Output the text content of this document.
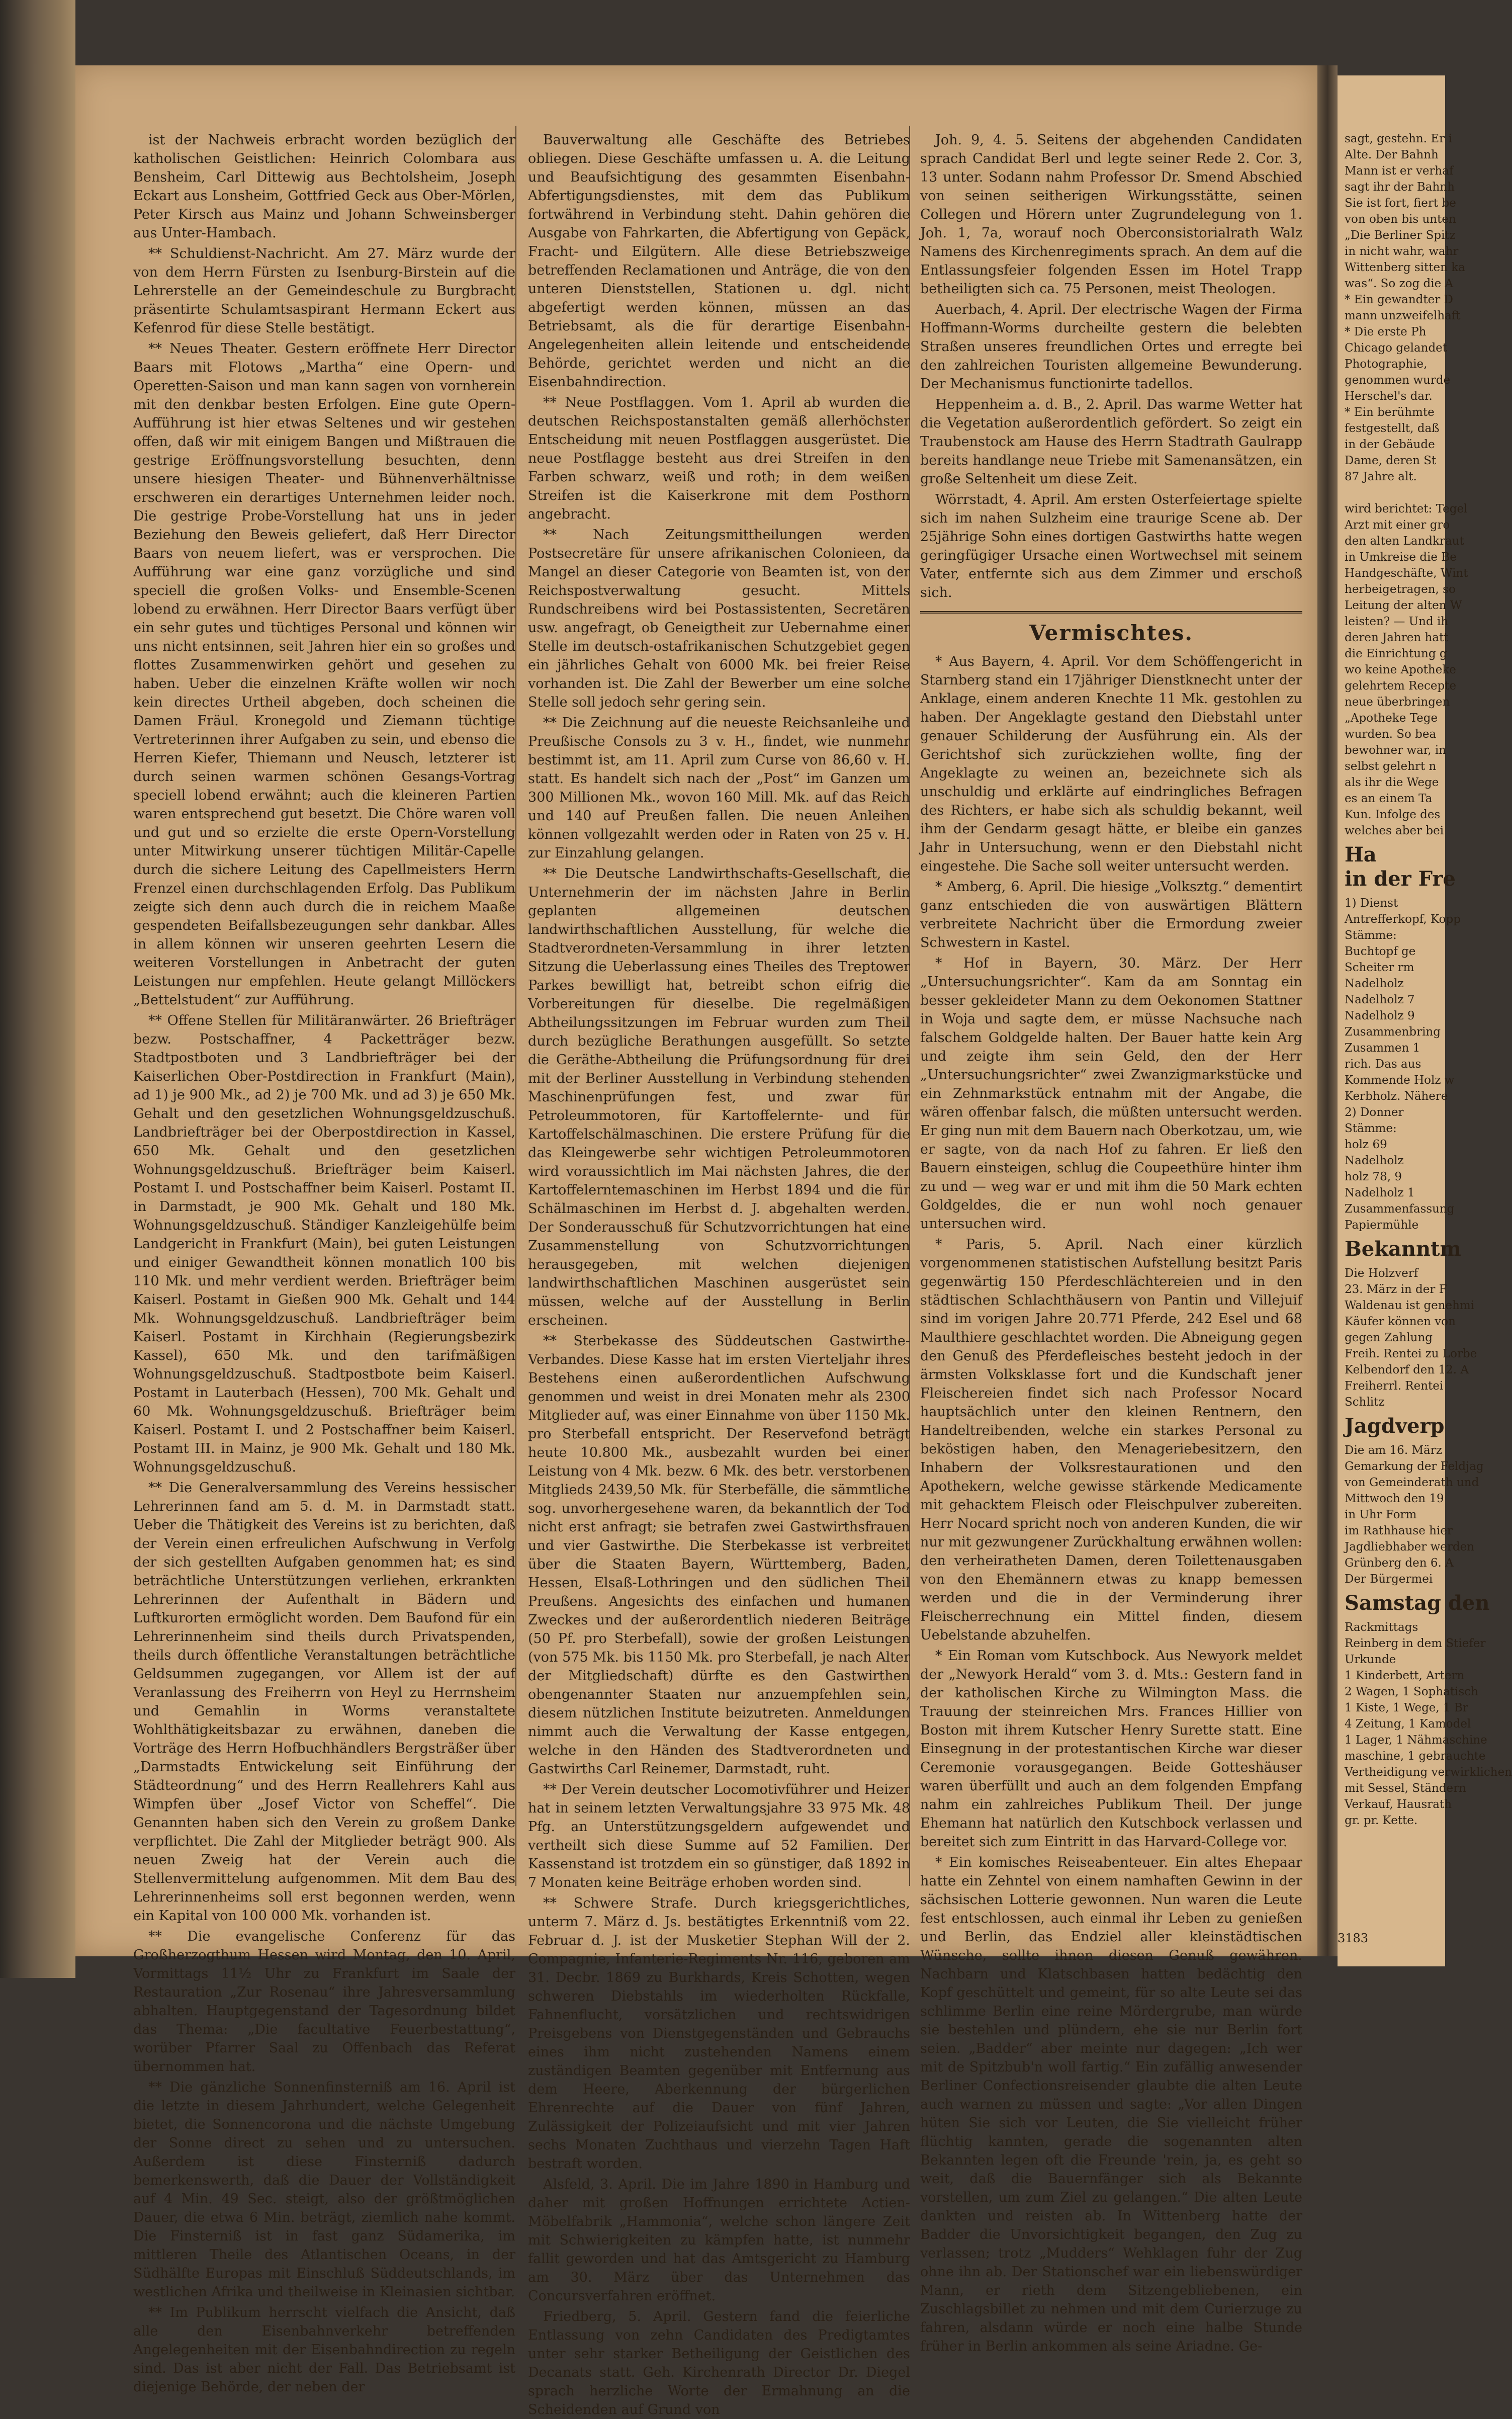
ist der Nachweis erbracht worden bezüglich der katholischen Geistlichen: Heinrich Colombara aus Bensheim, Carl Dittewig aus Bechtolsheim, Joseph Eckart aus Lonsheim, Gottfried Geck aus Ober-Mörlen, Peter Kirsch aus Mainz und Johann Schweinsberger aus Unter-Hambach.

** Schuldienst-Nachricht. Am 27. März wurde der von dem Herrn Fürsten zu Isenburg-Birstein auf die Lehrerstelle an der Gemeindeschule zu Burgbracht präsentirte Schulamtsaspirant Hermann Eckert aus Kefenrod für diese Stelle bestätigt.

** Neues Theater. Gestern eröffnete Herr Director Baars mit Flotows „Martha“ eine Opern- und Operetten-Saison und man kann sagen von vornherein mit den denkbar besten Erfolgen. Eine gute Opern-Aufführung ist hier etwas Seltenes und wir gestehen offen, daß wir mit einigem Bangen und Mißtrauen die gestrige Eröffnungsvorstellung besuchten, denn unsere hiesigen Theater- und Bühnenverhältnisse erschweren ein derartiges Unternehmen leider noch. Die gestrige Probe-Vorstellung hat uns in jeder Beziehung den Beweis geliefert, daß Herr Director Baars von neuem liefert, was er versprochen. Die Aufführung war eine ganz vorzügliche und sind speciell die großen Volks- und Ensemble-Scenen lobend zu erwähnen. Herr Director Baars verfügt über ein sehr gutes und tüchtiges Personal und können wir uns nicht entsinnen, seit Jahren hier ein so großes und flottes Zusammenwirken gehört und gesehen zu haben. Ueber die einzelnen Kräfte wollen wir noch kein directes Urtheil abgeben, doch scheinen die Damen Fräul. Kronegold und Ziemann tüchtige Vertreterinnen ihrer Aufgaben zu sein, und ebenso die Herren Kiefer, Thiemann und Neusch, letzterer ist durch seinen warmen schönen Gesangs-Vortrag speciell lobend erwähnt; auch die kleineren Partien waren entsprechend gut besetzt. Die Chöre waren voll und gut und so erzielte die erste Opern-Vorstellung unter Mitwirkung unserer tüchtigen Militär-Capelle durch die sichere Leitung des Capellmeisters Herrn Frenzel einen durchschlagenden Erfolg. Das Publikum zeigte sich denn auch durch die in reichem Maaße gespendeten Beifallsbezeugungen sehr dankbar. Alles in allem können wir unseren geehrten Lesern die weiteren Vorstellungen in Anbetracht der guten Leistungen nur empfehlen. Heute gelangt Millöckers „Bettelstudent“ zur Aufführung.

** Offene Stellen für Militäranwärter. 26 Briefträger bezw. Postschaffner, 4 Packetträger bezw. Stadtpostboten und 3 Landbriefträger bei der Kaiserlichen Ober-Postdirection in Frankfurt (Main), ad 1) je 900 Mk., ad 2) je 700 Mk. und ad 3) je 650 Mk. Gehalt und den gesetzlichen Wohnungsgeldzuschuß. Landbriefträger bei der Oberpostdirection in Kassel, 650 Mk. Gehalt und den gesetzlichen Wohnungsgeldzuschuß. Briefträger beim Kaiserl. Postamt I. und Postschaffner beim Kaiserl. Postamt II. in Darmstadt, je 900 Mk. Gehalt und 180 Mk. Wohnungsgeldzuschuß. Ständiger Kanzleigehülfe beim Landgericht in Frankfurt (Main), bei guten Leistungen und einiger Gewandtheit können monatlich 100 bis 110 Mk. und mehr verdient werden. Briefträger beim Kaiserl. Postamt in Gießen 900 Mk. Gehalt und 144 Mk. Wohnungsgeldzuschuß. Landbriefträger beim Kaiserl. Postamt in Kirchhain (Regierungsbezirk Kassel), 650 Mk. und den tarifmäßigen Wohnungsgeldzuschuß. Stadtpostbote beim Kaiserl. Postamt in Lauterbach (Hessen), 700 Mk. Gehalt und 60 Mk. Wohnungsgeldzuschuß. Briefträger beim Kaiserl. Postamt I. und 2 Postschaffner beim Kaiserl. Postamt III. in Mainz, je 900 Mk. Gehalt und 180 Mk. Wohnungsgeldzuschuß.

** Die Generalversammlung des Vereins hessischer Lehrerinnen fand am 5. d. M. in Darmstadt statt. Ueber die Thätigkeit des Vereins ist zu berichten, daß der Verein einen erfreulichen Aufschwung in Verfolg der sich gestellten Aufgaben genommen hat; es sind beträchtliche Unterstützungen verliehen, erkrankten Lehrerinnen der Aufenthalt in Bädern und Luftkurorten ermöglicht worden. Dem Baufond für ein Lehrerinnenheim sind theils durch Privatspenden, theils durch öffentliche Veranstaltungen beträchtliche Geldsummen zugegangen, vor Allem ist der auf Veranlassung des Freiherrn von Heyl zu Herrnsheim und Gemahlin in Worms veranstaltete Wohlthätigkeitsbazar zu erwähnen, daneben die Vorträge des Herrn Hofbuchhändlers Bergsträßer über „Darmstadts Entwickelung seit Einführung der Städteordnung“ und des Herrn Reallehrers Kahl aus Wimpfen über „Josef Victor von Scheffel“. Die Genannten haben sich den Verein zu großem Danke verpflichtet. Die Zahl der Mitglieder beträgt 900. Als neuen Zweig hat der Verein auch die Stellenvermittelung aufgenommen. Mit dem Bau des Lehrerinnenheims soll erst begonnen werden, wenn ein Kapital von 100 000 Mk. vorhanden ist.

** Die evangelische Conferenz für das Großherzogthum Hessen wird Montag, den 10. April, Vormittags 11½ Uhr zu Frankfurt im Saale der Restauration „Zur Rosenau“ ihre Jahresversammlung abhalten. Hauptgegenstand der Tagesordnung bildet das Thema: „Die facultative Feuerbestattung“, worüber Pfarrer Saal zu Offenbach das Referat übernommen hat.

** Die gänzliche Sonnenfinsterniß am 16. April ist die letzte in diesem Jahrhundert, welche Gelegenheit bietet, die Sonnencorona und die nächste Umgebung der Sonne direct zu sehen und zu untersuchen. Außerdem ist diese Finsterniß dadurch bemerkenswerth, daß die Dauer der Vollständigkeit auf 4 Min. 49 Sec. steigt, also der größtmöglichen Dauer, die etwa 6 Min. beträgt, ziemlich nahe kommt. Die Finsterniß ist in fast ganz Südamerika, im mittleren Theile des Atlantischen Oceans, in der Südhälfte Europas mit Einschluß Süddeutschlands, im westlichen Afrika und theilweise in Kleinasien sichtbar.

** Im Publikum herrscht vielfach die Ansicht, daß alle den Eisenbahnverkehr betreffenden Angelegenheiten mit der Eisenbahndirection zu regeln sind. Das ist aber nicht der Fall. Das Betriebsamt ist diejenige Behörde, der neben der

Bauverwaltung alle Geschäfte des Betriebes obliegen. Diese Geschäfte umfassen u. A. die Leitung und Beaufsichtigung des gesammten Eisenbahn-Abfertigungsdienstes, mit dem das Publikum fortwährend in Verbindung steht. Dahin gehören die Ausgabe von Fahrkarten, die Abfertigung von Gepäck, Fracht- und Eilgütern. Alle diese Betriebszweige betreffenden Reclamationen und Anträge, die von den unteren Dienststellen, Stationen u. dgl. nicht abgefertigt werden können, müssen an das Betriebsamt, als die für derartige Eisenbahn-Angelegenheiten allein leitende und entscheidende Behörde, gerichtet werden und nicht an die Eisenbahndirection.

** Neue Postflaggen. Vom 1. April ab wurden die deutschen Reichspostanstalten gemäß allerhöchster Entscheidung mit neuen Postflaggen ausgerüstet. Die neue Postflagge besteht aus drei Streifen in den Farben schwarz, weiß und roth; in dem weißen Streifen ist die Kaiserkrone mit dem Posthorn angebracht.

** Nach Zeitungsmittheilungen werden Postsecretäre für unsere afrikanischen Colonieen, da Mangel an dieser Categorie von Beamten ist, von der Reichspostverwaltung gesucht. Mittels Rundschreibens wird bei Postassistenten, Secretären usw. angefragt, ob Geneigtheit zur Uebernahme einer Stelle im deutsch-ostafrikanischen Schutzgebiet gegen ein jährliches Gehalt von 6000 Mk. bei freier Reise vorhanden ist. Die Zahl der Bewerber um eine solche Stelle soll jedoch sehr gering sein.

** Die Zeichnung auf die neueste Reichsanleihe und Preußische Consols zu 3 v. H., findet, wie nunmehr bestimmt ist, am 11. April zum Curse von 86,60 v. H. statt. Es handelt sich nach der „Post“ im Ganzen um 300 Millionen Mk., wovon 160 Mill. Mk. auf das Reich und 140 auf Preußen fallen. Die neuen Anleihen können vollgezahlt werden oder in Raten von 25 v. H. zur Einzahlung gelangen.

** Die Deutsche Landwirthschafts-Gesellschaft, die Unternehmerin der im nächsten Jahre in Berlin geplanten allgemeinen deutschen landwirthschaftlichen Ausstellung, für welche die Stadtverordneten-Versammlung in ihrer letzten Sitzung die Ueberlassung eines Theiles des Treptower Parkes bewilligt hat, betreibt schon eifrig die Vorbereitungen für dieselbe. Die regelmäßigen Abtheilungssitzungen im Februar wurden zum Theil durch bezügliche Berathungen ausgefüllt. So setzte die Geräthe-Abtheilung die Prüfungsordnung für drei mit der Berliner Ausstellung in Verbindung stehenden Maschinenprüfungen fest, und zwar für Petroleummotoren, für Kartoffelernte- und für Kartoffelschälmaschinen. Die erstere Prüfung für die das Kleingewerbe sehr wichtigen Petroleummotoren wird voraussichtlich im Mai nächsten Jahres, die der Kartoffelerntemaschinen im Herbst 1894 und die für Schälmaschinen im Herbst d. J. abgehalten werden. Der Sonderausschuß für Schutzvorrichtungen hat eine Zusammenstellung von Schutzvorrichtungen herausgegeben, mit welchen diejenigen landwirthschaftlichen Maschinen ausgerüstet sein müssen, welche auf der Ausstellung in Berlin erscheinen.

** Sterbekasse des Süddeutschen Gastwirthe-Verbandes. Diese Kasse hat im ersten Vierteljahr ihres Bestehens einen außerordentlichen Aufschwung genommen und weist in drei Monaten mehr als 2300 Mitglieder auf, was einer Einnahme von über 1150 Mk. pro Sterbefall entspricht. Der Reservefond beträgt heute 10.800 Mk., ausbezahlt wurden bei einer Leistung von 4 Mk. bezw. 6 Mk. des betr. verstorbenen Mitglieds 2439,50 Mk. für Sterbefälle, die sämmtliche sog. unvorhergesehene waren, da bekanntlich der Tod nicht erst anfragt; sie betrafen zwei Gastwirthsfrauen und vier Gastwirthe. Die Sterbekasse ist verbreitet über die Staaten Bayern, Württemberg, Baden, Hessen, Elsaß-Lothringen und den südlichen Theil Preußens. Angesichts des einfachen und humanen Zweckes und der außerordentlich niederen Beiträge (50 Pf. pro Sterbefall), sowie der großen Leistungen (von 575 Mk. bis 1150 Mk. pro Sterbefall, je nach Alter der Mitgliedschaft) dürfte es den Gastwirthen obengenannter Staaten nur anzuempfehlen sein, diesem nützlichen Institute beizutreten. Anmeldungen nimmt auch die Verwaltung der Kasse entgegen, welche in den Händen des Stadtverordneten und Gastwirths Carl Reinemer, Darmstadt, ruht.

** Der Verein deutscher Locomotivführer und Heizer hat in seinem letzten Verwaltungsjahre 33 975 Mk. 48 Pfg. an Unterstützungsgeldern aufgewendet und vertheilt sich diese Summe auf 52 Familien. Der Kassenstand ist trotzdem ein so günstiger, daß 1892 in 7 Monaten keine Beiträge erhoben worden sind.

** Schwere Strafe. Durch kriegsgerichtliches, unterm 7. März d. Js. bestätigtes Erkenntniß vom 22. Februar d. J. ist der Musketier Stephan Will der 2. Compagnie, Infanterie-Regiments Nr. 116, geboren am 31. Decbr. 1869 zu Burkhards, Kreis Schotten, wegen schweren Diebstahls im wiederholten Rückfalle, Fahnenflucht, vorsätzlichen und rechtswidrigen Preisgebens von Dienstgegenständen und Gebrauchs eines ihm nicht zustehenden Namens einem zuständigen Beamten gegenüber mit Entfernung aus dem Heere, Aberkennung der bürgerlichen Ehrenrechte auf die Dauer von fünf Jahren, Zulässigkeit der Polizeiaufsicht und mit vier Jahren sechs Monaten Zuchthaus und vierzehn Tagen Haft bestraft worden.

Alsfeld, 3. April. Die im Jahre 1890 in Hamburg und daher mit großen Hoffnungen errichtete Actien-Möbelfabrik „Hammonia“, welche schon längere Zeit mit Schwierigkeiten zu kämpfen hatte, ist nunmehr fallit geworden und hat das Amtsgericht zu Hamburg am 30. März über das Unternehmen das Concursverfahren eröffnet.

Friedberg, 5. April. Gestern fand die feierliche Entlassung von zehn Candidaten des Predigtamtes unter sehr starker Betheiligung der Geistlichen des Decanats statt. Geh. Kirchenrath Director Dr. Diegel sprach herzliche Worte der Ermahnung an die Scheidenden auf Grund von

Joh. 9, 4. 5. Seitens der abgehenden Candidaten sprach Candidat Berl und legte seiner Rede 2. Cor. 3, 13 unter. Sodann nahm Professor Dr. Smend Abschied von seinen seitherigen Wirkungsstätte, seinen Collegen und Hörern unter Zugrundelegung von 1. Joh. 1, 7a, worauf noch Oberconsistorialrath Walz Namens des Kirchenregiments sprach. An dem auf die Entlassungsfeier folgenden Essen im Hotel Trapp betheiligten sich ca. 75 Personen, meist Theologen.

Auerbach, 4. April. Der electrische Wagen der Firma Hoffmann-Worms durcheilte gestern die belebten Straßen unseres freundlichen Ortes und erregte bei den zahlreichen Touristen allgemeine Bewunderung. Der Mechanismus functionirte tadellos.

Heppenheim a. d. B., 2. April. Das warme Wetter hat die Vegetation außerordentlich gefördert. So zeigt ein Traubenstock am Hause des Herrn Stadtrath Gaulrapp bereits handlange neue Triebe mit Samenansätzen, ein große Seltenheit um diese Zeit.

Wörrstadt, 4. April. Am ersten Osterfeiertage spielte sich im nahen Sulzheim eine traurige Scene ab. Der 25jährige Sohn eines dortigen Gastwirths hatte wegen geringfügiger Ursache einen Wortwechsel mit seinem Vater, entfernte sich aus dem Zimmer und erschoß sich.

Vermischtes.

* Aus Bayern, 4. April. Vor dem Schöffengericht in Starnberg stand ein 17jähriger Dienstknecht unter der Anklage, einem anderen Knechte 11 Mk. gestohlen zu haben. Der Angeklagte gestand den Diebstahl unter genauer Schilderung der Ausführung ein. Als der Gerichtshof sich zurückziehen wollte, fing der Angeklagte zu weinen an, bezeichnete sich als unschuldig und erklärte auf eindringliches Befragen des Richters, er habe sich als schuldig bekannt, weil ihm der Gendarm gesagt hätte, er bleibe ein ganzes Jahr in Untersuchung, wenn er den Diebstahl nicht eingestehe. Die Sache soll weiter untersucht werden.

* Amberg, 6. April. Die hiesige „Volksztg.“ dementirt ganz entschieden die von auswärtigen Blättern verbreitete Nachricht über die Ermordung zweier Schwestern in Kastel.

* Hof in Bayern, 30. März. Der Herr „Untersuchungsrichter“. Kam da am Sonntag ein besser gekleideter Mann zu dem Oekonomen Stattner in Woja und sagte dem, er müsse Nachsuche nach falschem Goldgelde halten. Der Bauer hatte kein Arg und zeigte ihm sein Geld, den der Herr „Untersuchungsrichter“ zwei Zwanzigmarkstücke und ein Zehnmarkstück entnahm mit der Angabe, die wären offenbar falsch, die müßten untersucht werden. Er ging nun mit dem Bauern nach Oberkotzau, um, wie er sagte, von da nach Hof zu fahren. Er ließ den Bauern einsteigen, schlug die Coupeethüre hinter ihm zu und — weg war er und mit ihm die 50 Mark echten Goldgeldes, die er nun wohl noch genauer untersuchen wird.

* Paris, 5. April. Nach einer kürzlich vorgenommenen statistischen Aufstellung besitzt Paris gegenwärtig 150 Pferdeschlächtereien und in den städtischen Schlachthäusern von Pantin und Villejuif sind im vorigen Jahre 20.771 Pferde, 242 Esel und 68 Maulthiere geschlachtet worden. Die Abneigung gegen den Genuß des Pferdefleisches besteht jedoch in der ärmsten Volksklasse fort und die Kundschaft jener Fleischereien findet sich nach Professor Nocard hauptsächlich unter den kleinen Rentnern, den Handeltreibenden, welche ein starkes Personal zu beköstigen haben, den Menageriebesitzern, den Inhabern der Volksrestaurationen und den Apothekern, welche gewisse stärkende Medicamente mit gehacktem Fleisch oder Fleischpulver zubereiten. Herr Nocard spricht noch von anderen Kunden, die wir nur mit gezwungener Zurückhaltung erwähnen wollen: den verheiratheten Damen, deren Toilettenausgaben von den Ehemännern etwas zu knapp bemessen werden und die in der Verminderung ihrer Fleischerrechnung ein Mittel finden, diesem Uebelstande abzuhelfen.

* Ein Roman vom Kutschbock. Aus Newyork meldet der „Newyork Herald“ vom 3. d. Mts.: Gestern fand in der katholischen Kirche zu Wilmington Mass. die Trauung der steinreichen Mrs. Frances Hillier von Boston mit ihrem Kutscher Henry Surette statt. Eine Einsegnung in der protestantischen Kirche war dieser Ceremonie vorausgegangen. Beide Gotteshäuser waren überfüllt und auch an dem folgenden Empfang nahm ein zahlreiches Publikum Theil. Der junge Ehemann hat natürlich den Kutschbock verlassen und bereitet sich zum Eintritt in das Harvard-College vor.

* Ein komisches Reiseabenteuer. Ein altes Ehepaar hatte ein Zehntel von einem namhaften Gewinn in der sächsischen Lotterie gewonnen. Nun waren die Leute fest entschlossen, auch einmal ihr Leben zu genießen und Berlin, das Endziel aller kleinstädtischen Wünsche, sollte ihnen diesen Genuß gewähren. Nachbarn und Klatschbasen hatten bedächtig den Kopf geschüttelt und gemeint, für so alte Leute sei das schlimme Berlin eine reine Mördergrube, man würde sie bestehlen und plündern, ehe sie nur Berlin fort seien. „Badder“ aber meinte nur dagegen: „Ich wer mit de Spitzbub'n woll fartig.“ Ein zufällig anwesender Berliner Confectionsreisender glaubte die alten Leute auch warnen zu müssen und sagte: „Vor allen Dingen hüten Sie sich vor Leuten, die Sie vielleicht früher flüchtig kannten, gerade die sogenannten alten Bekannten legen oft die Freunde 'rein, ja, es geht so weit, daß die Bauernfänger sich als Bekannte vorstellen, um zum Ziel zu gelangen.“ Die alten Leute dankten und reisten ab. In Wittenberg hatte der Badder die Unvorsichtigkeit begangen, den Zug zu verlassen; trotz „Mudders“ Wehklagen fuhr der Zug ohne ihn ab. Der Stationschef war ein liebenswürdiger Mann, er rieth dem Sitzengebliebenen, ein Zuschlagsbillet zu nehmen und mit dem Curierzuge zu fahren, alsdann würde er noch eine halbe Stunde früher in Berlin ankommen als seine Ariadne. Ge-

sagt, gestehn. Er i
Alte. Der Bahnh
Mann ist er verhaf
sagt ihr der Bahnh
Sie ist fort, fiert be
von oben bis unten
„Die Berliner Spitz
in nicht wahr, wahr
Wittenberg sitten ka
was“. So zog die A
* Ein gewandter D
mann unzweifelhaft
* Die erste Ph
Chicago gelandet
Photographie,
genommen wurde
Herschel's dar.
* Ein berühmte
festgestellt, daß
in der Gebäude
Dame, deren St
87 Jahre alt.

wird berichtet: Tegel
Arzt mit einer gro
den alten Landkraut
in Umkreise die Be
Handgeschäfte, Wint
herbeigetragen, so
Leitung der alten W
leisten? — Und ih
deren Jahren hatt
die Einrichtung g
wo keine Apotheke
gelehrtem Recepte
neue überbringen
„Apotheke Tege
wurden. So bea
bewohner war, in
selbst gelehrt n
als ihr die Wege
es an einem Ta
Kun. Infolge des
welches aber bei
Ha
in der Fre
1) Dienst
Antrefferkopf, Kopp
Stämme:
Buchtopf ge
Scheiter rm
Nadelholz
Nadelholz 7
Nadelholz 9
Zusammenbring
Zusammen 1
rich. Das aus
Kommende Holz w
Kerbholz. Nähere
2) Donner
Stämme:
holz 69
Nadelholz
holz 78, 9
Nadelholz 1
Zusammenfassung
Papiermühle
Bekanntm
Die Holzverf
23. März in der F
Waldenau ist genehmi
Käufer können von
gegen Zahlung
Freih. Rentei zu Lorbe
Kelbendorf den 12. A
Freiherrl. Rentei
Schlitz
Jagdverp
Die am 16. März
Gemarkung der Feldjag
von Gemeinderath und
Mittwoch den 19
in Uhr Form
im Rathhause hier
Jagdliebhaber werden
Grünberg den 6. A
Der Bürgermei
Samstag den
Rackmittags
Reinberg in dem Stiefer
Urkunde
1 Kinderbett, Artern
2 Wagen, 1 Sophatisch
1 Kiste, 1 Wege, 1 Br
4 Zeitung, 1 Kamodel
1 Lager, 1 Nähmaschine
maschine, 1 gebrauchte
Vertheidigung verwirklichen
mit Sessel, Ständern
Verkauf, Hausrath
gr. pr. Kette.
3183
